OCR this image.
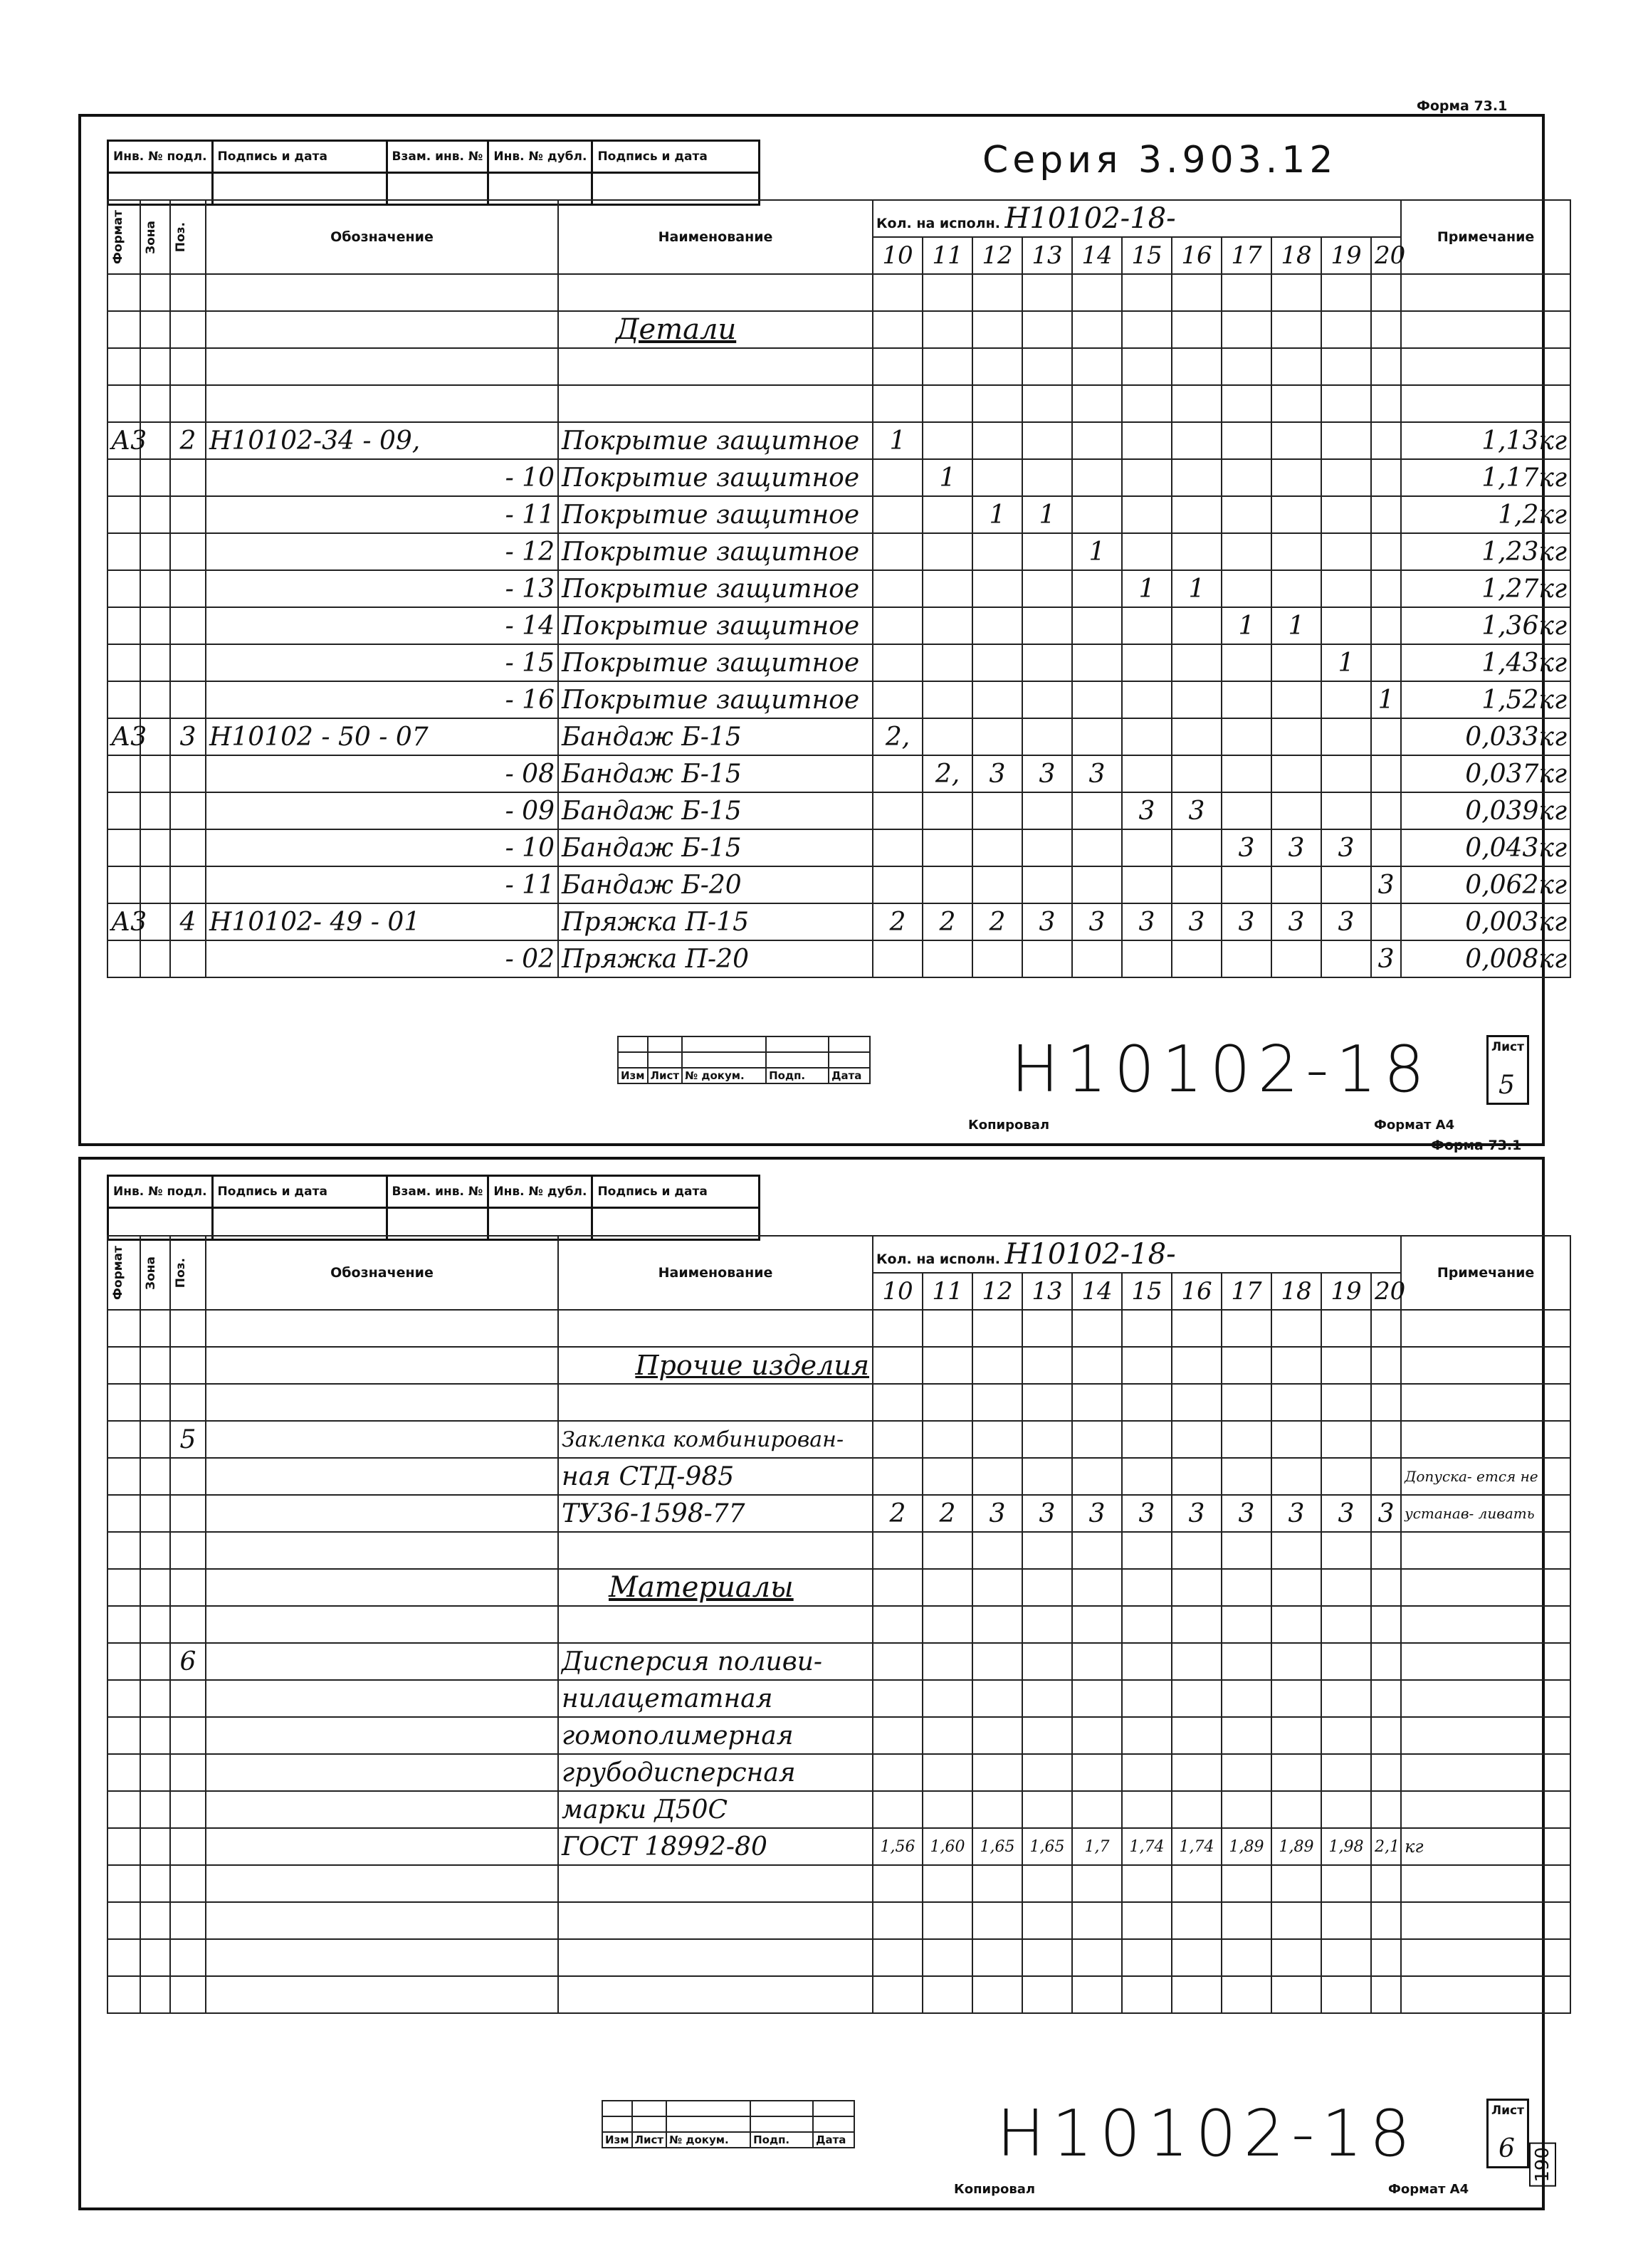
Форма 73.1
Инв. № подл.	Подпись и дата	Взам. инв. №	Инв. № дубл.	Подпись и дата
					Серия 3.903.12
Формат	Зона	Поз.	Обозначение	Наименование	Кол. на исполн. Н10102-18-											Примечание
					10	11	12	13	14	15	16	17	18	19	20	

				Детали												

А3		2	Н10102-34 - 09,	Покрытие защитное	1											1,13кг
			- 10	Покрытие защитное		1										1,17кг
			- 11	Покрытие защитное			1	1								1,2кг
			- 12	Покрытие защитное					1							1,23кг
			- 13	Покрытие защитное						1	1					1,27кг
			- 14	Покрытие защитное								1	1			1,36кг
			- 15	Покрытие защитное										1		1,43кг
			- 16	Покрытие защитное											1	1,52кг
А3		3	Н10102 - 50 - 07	Бандаж Б-15	2,											0,033кг
			- 08	Бандаж Б-15		2,	3	3	3							0,037кг
			- 09	Бандаж Б-15						3	3					0,039кг
			- 10	Бандаж Б-15								3	3	3		0,043кг
			- 11	Бандаж Б-20											3	0,062кг
А3		4	Н10102- 49 - 01	Пряжка П-15	2	2	2	3	3	3	3	3	3	3		0,003кг
			- 02	Пряжка П-20											3	0,008кг

Изм	Лист	№ докум.	Подп.	Дата Н10102-18	Лист
5
Копировал	Формат А4
Форма 73.1
Инв. № подл.	Подпись и дата	Взам. инв. №	Инв. № дубл.	Подпись и дата

Формат	Зона	Поз.	Обозначение	Наименование	Кол. на исполн. Н10102-18-											Примечание
					10	11	12	13	14	15	16	17	18	19	20	

				Прочие изделия												

		5		Заклепка комбинирован-												
				ная СТД-985												Допуска- ется не
				ТУ36-1598-77	2	2	3	3	3	3	3	3	3	3	3	устанав- ливать

				Материалы												

		6		Дисперсия поливи-												
				нилацетатная												
				гомополимерная												
				грубодисперсная												
				марки Д50С												
				ГОСТ 18992-80	1,56	1,60	1,65	1,65	1,7	1,74	1,74	1,89	1,89	1,98	2,1	кг

Изм	Лист	№ докум.	Подп.	Дата Н10102-18	Лист
6
Копировал	Формат А4
190
